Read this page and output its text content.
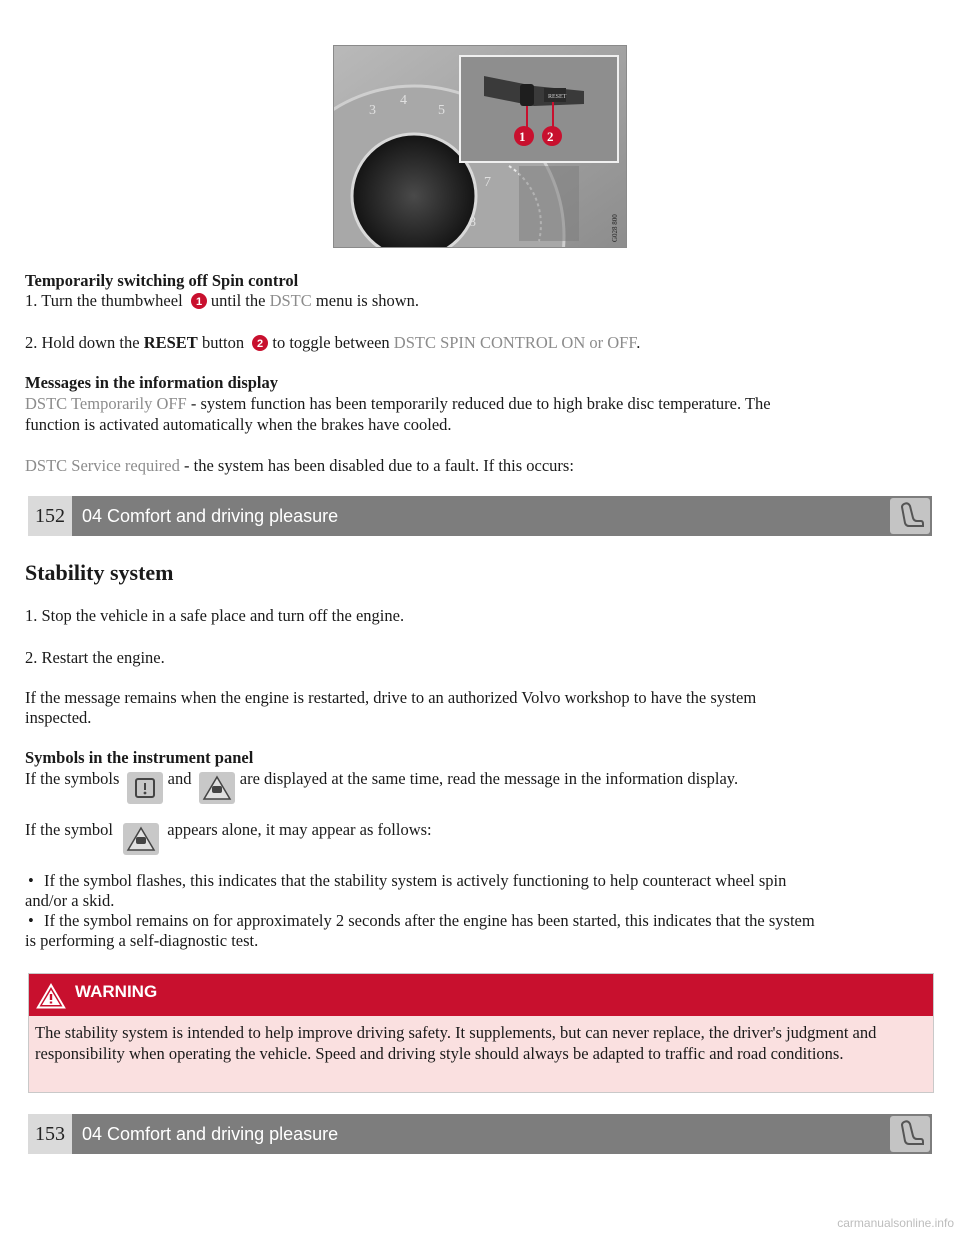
3
4
5
7
8
RESET
1 2
G028 800
Temporarily switching off Spin control
1. Turn the thumbwheel 1 until the DSTC menu is shown.
2. Hold down the RESET button 2 to toggle between DSTC SPIN CONTROL ON or OFF.
Messages in the information display
DSTC Temporarily OFF - system function has been temporarily reduced due to high brake disc temperature. The
function is activated automatically when the brakes have cooled.
DSTC Service required - the system has been disabled due to a fault. If this occurs:
152 04 Comfort and driving pleasure
Stability system
1. Stop the vehicle in a safe place and turn off the engine.
2. Restart the engine.
If the message remains when the engine is restarted, drive to an authorized Volvo workshop to have the system
inspected.
Symbols in the instrument panel
If the symbols	and	are displayed at the same time, read the message in the information display.
If the symbol	appears alone, it may appear as follows:
• If the symbol flashes, this indicates that the stability system is actively functioning to help counteract wheel spin
and/or a skid.
• If the symbol remains on for approximately 2 seconds after the engine has been started, this indicates that the system
is performing a self-diagnostic test.
WARNING
The stability system is intended to help improve driving safety. It supplements, but can never replace, the driver's judgment and responsibility when operating the vehicle. Speed and driving style should always be adapted to traffic and road conditions.
153 04 Comfort and driving pleasure
carmanualsonline.info
